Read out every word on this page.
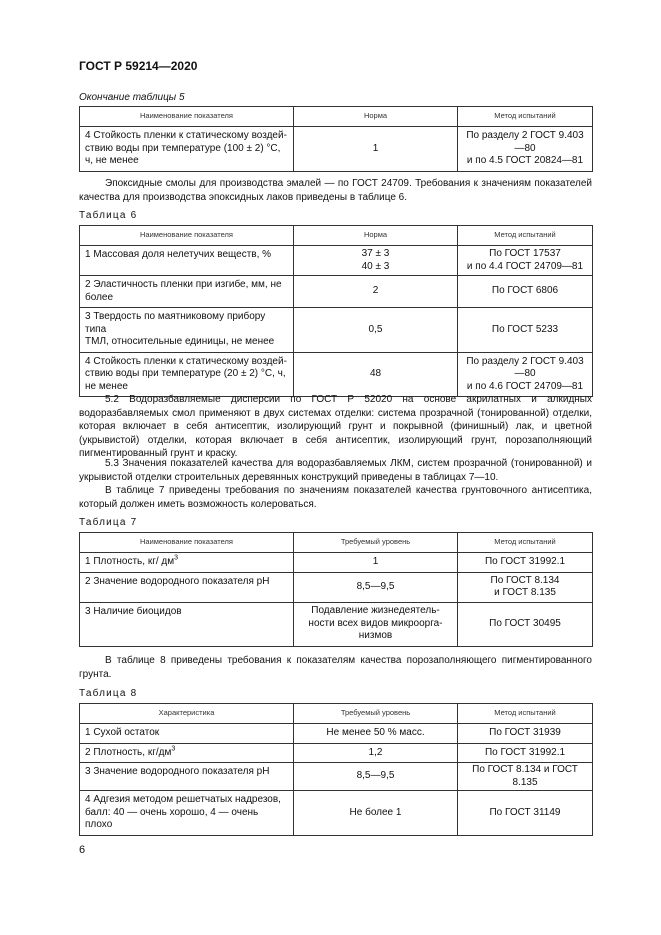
ГОСТ Р 59214—2020
Окончание таблицы 5
Наименование показателя	Норма	Метод испытаний
4 Стойкость пленки к статическому воздей-
ствию воды при температуре (100 ± 2) °С,
ч, не менее	1	По разделу 2 ГОСТ 9.403—80
и по 4.5 ГОСТ 20824—81

Эпоксидные смолы для производства эмалей — по ГОСТ 24709. Требования к значениям показателей качества для производства эпоксидных лаков приведены в таблице 6.

Таблица 6
Наименование показателя	Норма	Метод испытаний
1 Массовая доля нелетучих веществ, %	37 ± 3
40 ± 3	По ГОСТ 17537
и по 4.4 ГОСТ 24709—81
2 Эластичность пленки при изгибе, мм, не
более	2	По ГОСТ 6806
3 Твердость по маятниковому прибору типа
ТМЛ, относительные единицы, не менее	0,5	По ГОСТ 5233
4 Стойкость пленки к статическому воздей-
ствию воды при температуре (20 ± 2) °С, ч,
не менее	48	По разделу 2 ГОСТ 9.403—80
и по 4.6 ГОСТ 24709—81

5.2 Водоразбавляемые дисперсии по ГОСТ Р 52020 на основе акрилатных и алкидных водоразбавляемых смол применяют в двух системах отделки: система прозрачной (тонированной) отделки, которая включает в себя антисептик, изолирующий грунт и покрывной (финишный) лак, и цветной (укрывистой) отделки, которая включает в себя антисептик, изолирующий грунт, порозаполняющий пигментированный грунт и краску.

5.3 Значения показателей качества для водоразбавляемых ЛКМ, систем прозрачной (тонированной) и укрывистой отделки строительных деревянных конструкций приведены в таблицах 7—10.

В таблице 7 приведены требования по значениям показателей качества грунтовочного антисептика, который должен иметь возможность колероваться.

Таблица 7
Наименование показателя	Требуемый уровень	Метод испытаний
1 Плотность, кг/ $дм^3$	1	По ГОСТ 31992.1
2 Значение водородного показателя pH	8,5—9,5	По ГОСТ 8.134
и ГОСТ 8.135
3 Наличие биоцидов	Подавление жизнедеятель-
ности всех видов микроорга-
низмов	По ГОСТ 30495

В таблице 8 приведены требования к показателям качества порозаполняющего пигментированного грунта.

Таблица 8
Характеристика	Требуемый уровень	Метод испытаний
1 Сухой остаток	Не менее 50 % масс.	По ГОСТ 31939
2 Плотность, $кг/дм^3$	1,2	По ГОСТ 31992.1
3 Значение водородного показателя pH	8,5—9,5	По ГОСТ 8.134 и ГОСТ 8.135
4 Адгезия методом решетчатых надрезов,
балл: 40 — очень хорошо, 4 — очень плохо	Не более 1	По ГОСТ 31149
6
